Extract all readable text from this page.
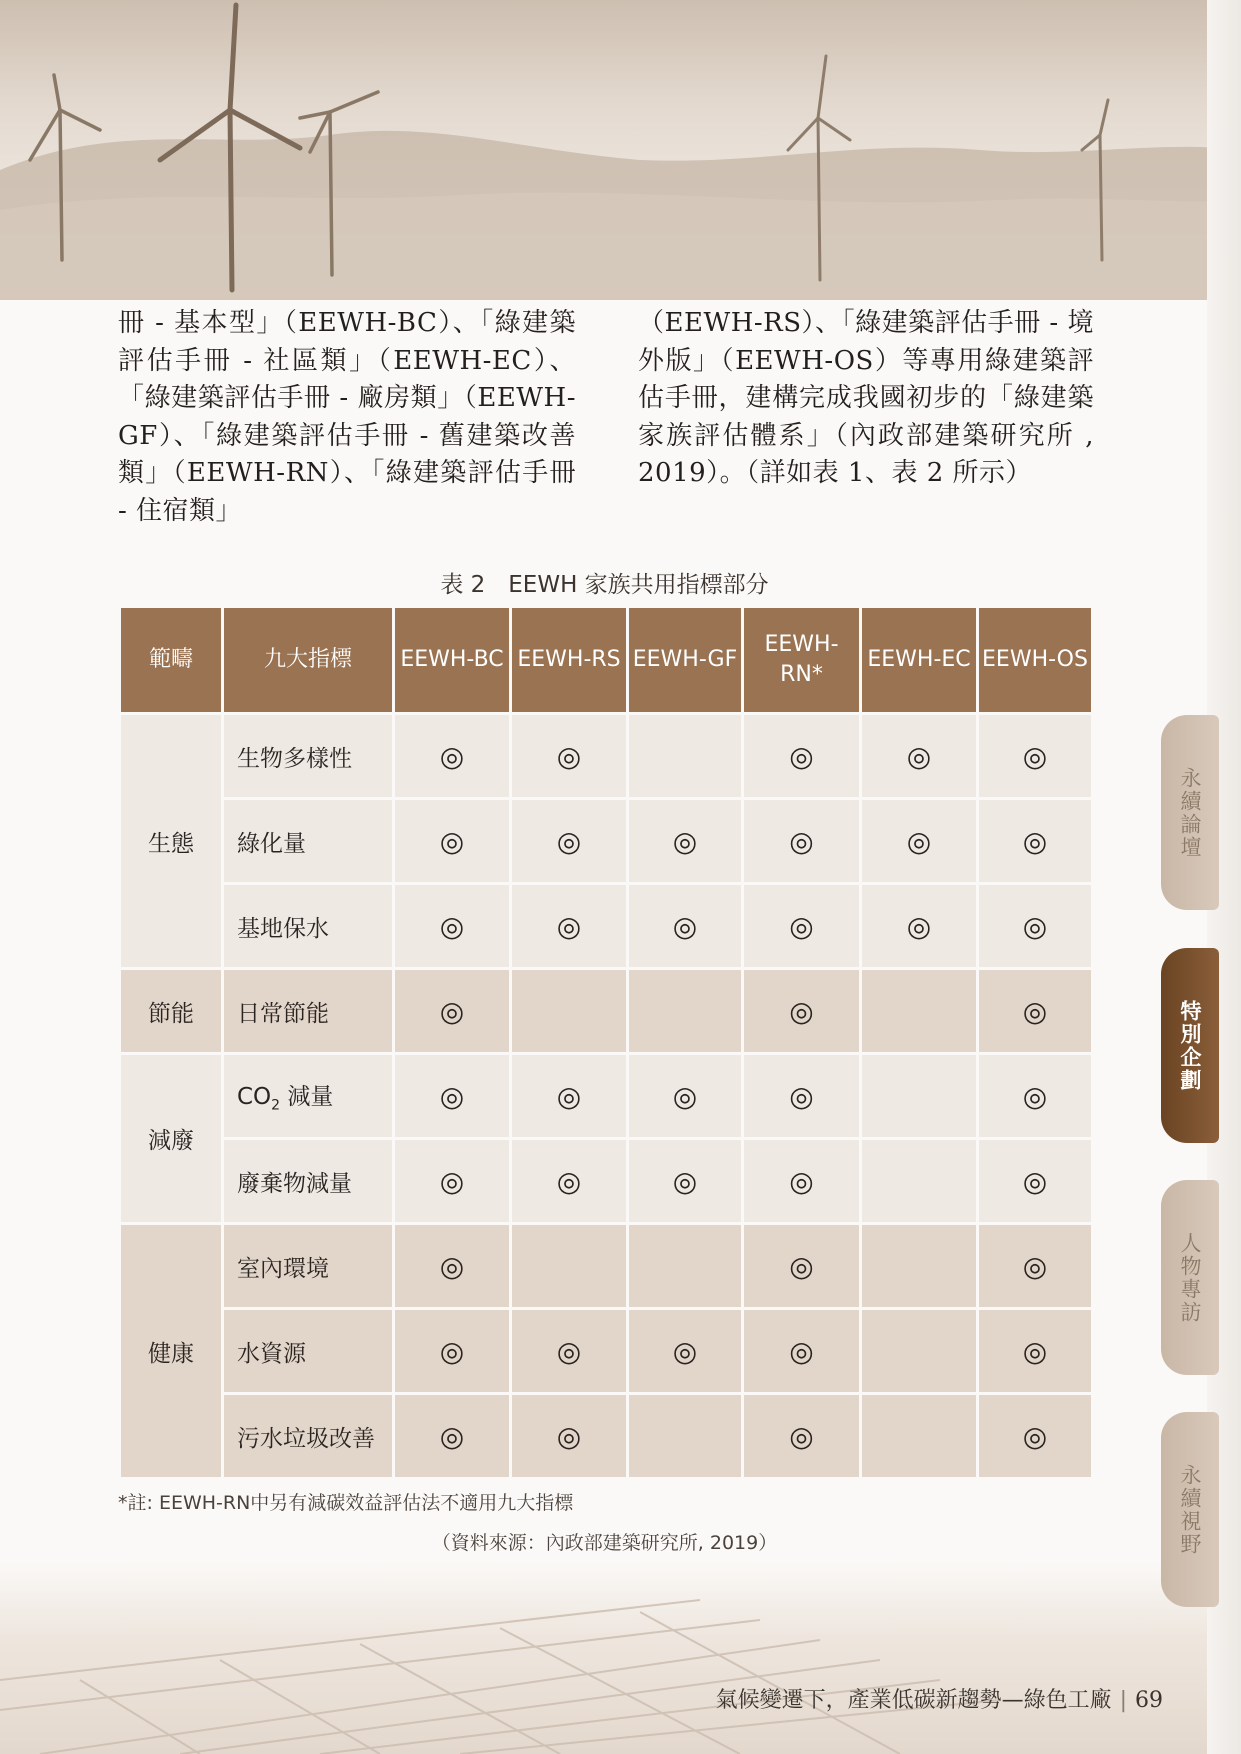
冊 - 基本型」（EEWH-BC）、「綠建築評估手冊 - 社區類」（EEWH-EC）、「綠建築評估手冊 - 廠房類」（EEWH-GF）、「綠建築評估手冊 - 舊建築改善類」（EEWH-RN）、「綠建築評估手冊 - 住宿類」

（EEWH-RS）、「綠建築評估手冊 - 境外版」（EEWH-OS）等專用綠建築評估手冊，建構完成我國初步的「綠建築家族評估體系」（內政部建築研究所 , 2019）。（詳如表 1、表 2 所示）

表 2　EEWH 家族共用指標部分
範疇	九大指標	EEWH-BC	EEWH-RS	EEWH-GF	EEWH-RN*	EEWH-EC	EEWH-OS
生態	生物多樣性	◎	◎		◎	◎	◎
	綠化量	◎	◎	◎	◎	◎	◎
	基地保水	◎	◎	◎	◎	◎	◎
節能	日常節能	◎			◎		◎
減廢	$CO_2$ 減量	◎	◎	◎	◎		◎
	廢棄物減量	◎	◎	◎	◎		◎
健康	室內環境	◎			◎		◎
	水資源	◎	◎	◎	◎		◎
	污水垃圾改善	◎	◎		◎		◎
*註: EEWH-RN中另有減碳效益評估法不適用九大指標
（資料來源：內政部建築研究所, 2019）
永續論壇
特別企劃
人物專訪
永續視野
氣候變遷下，產業低碳新趨勢—綠色工廠 | 69
